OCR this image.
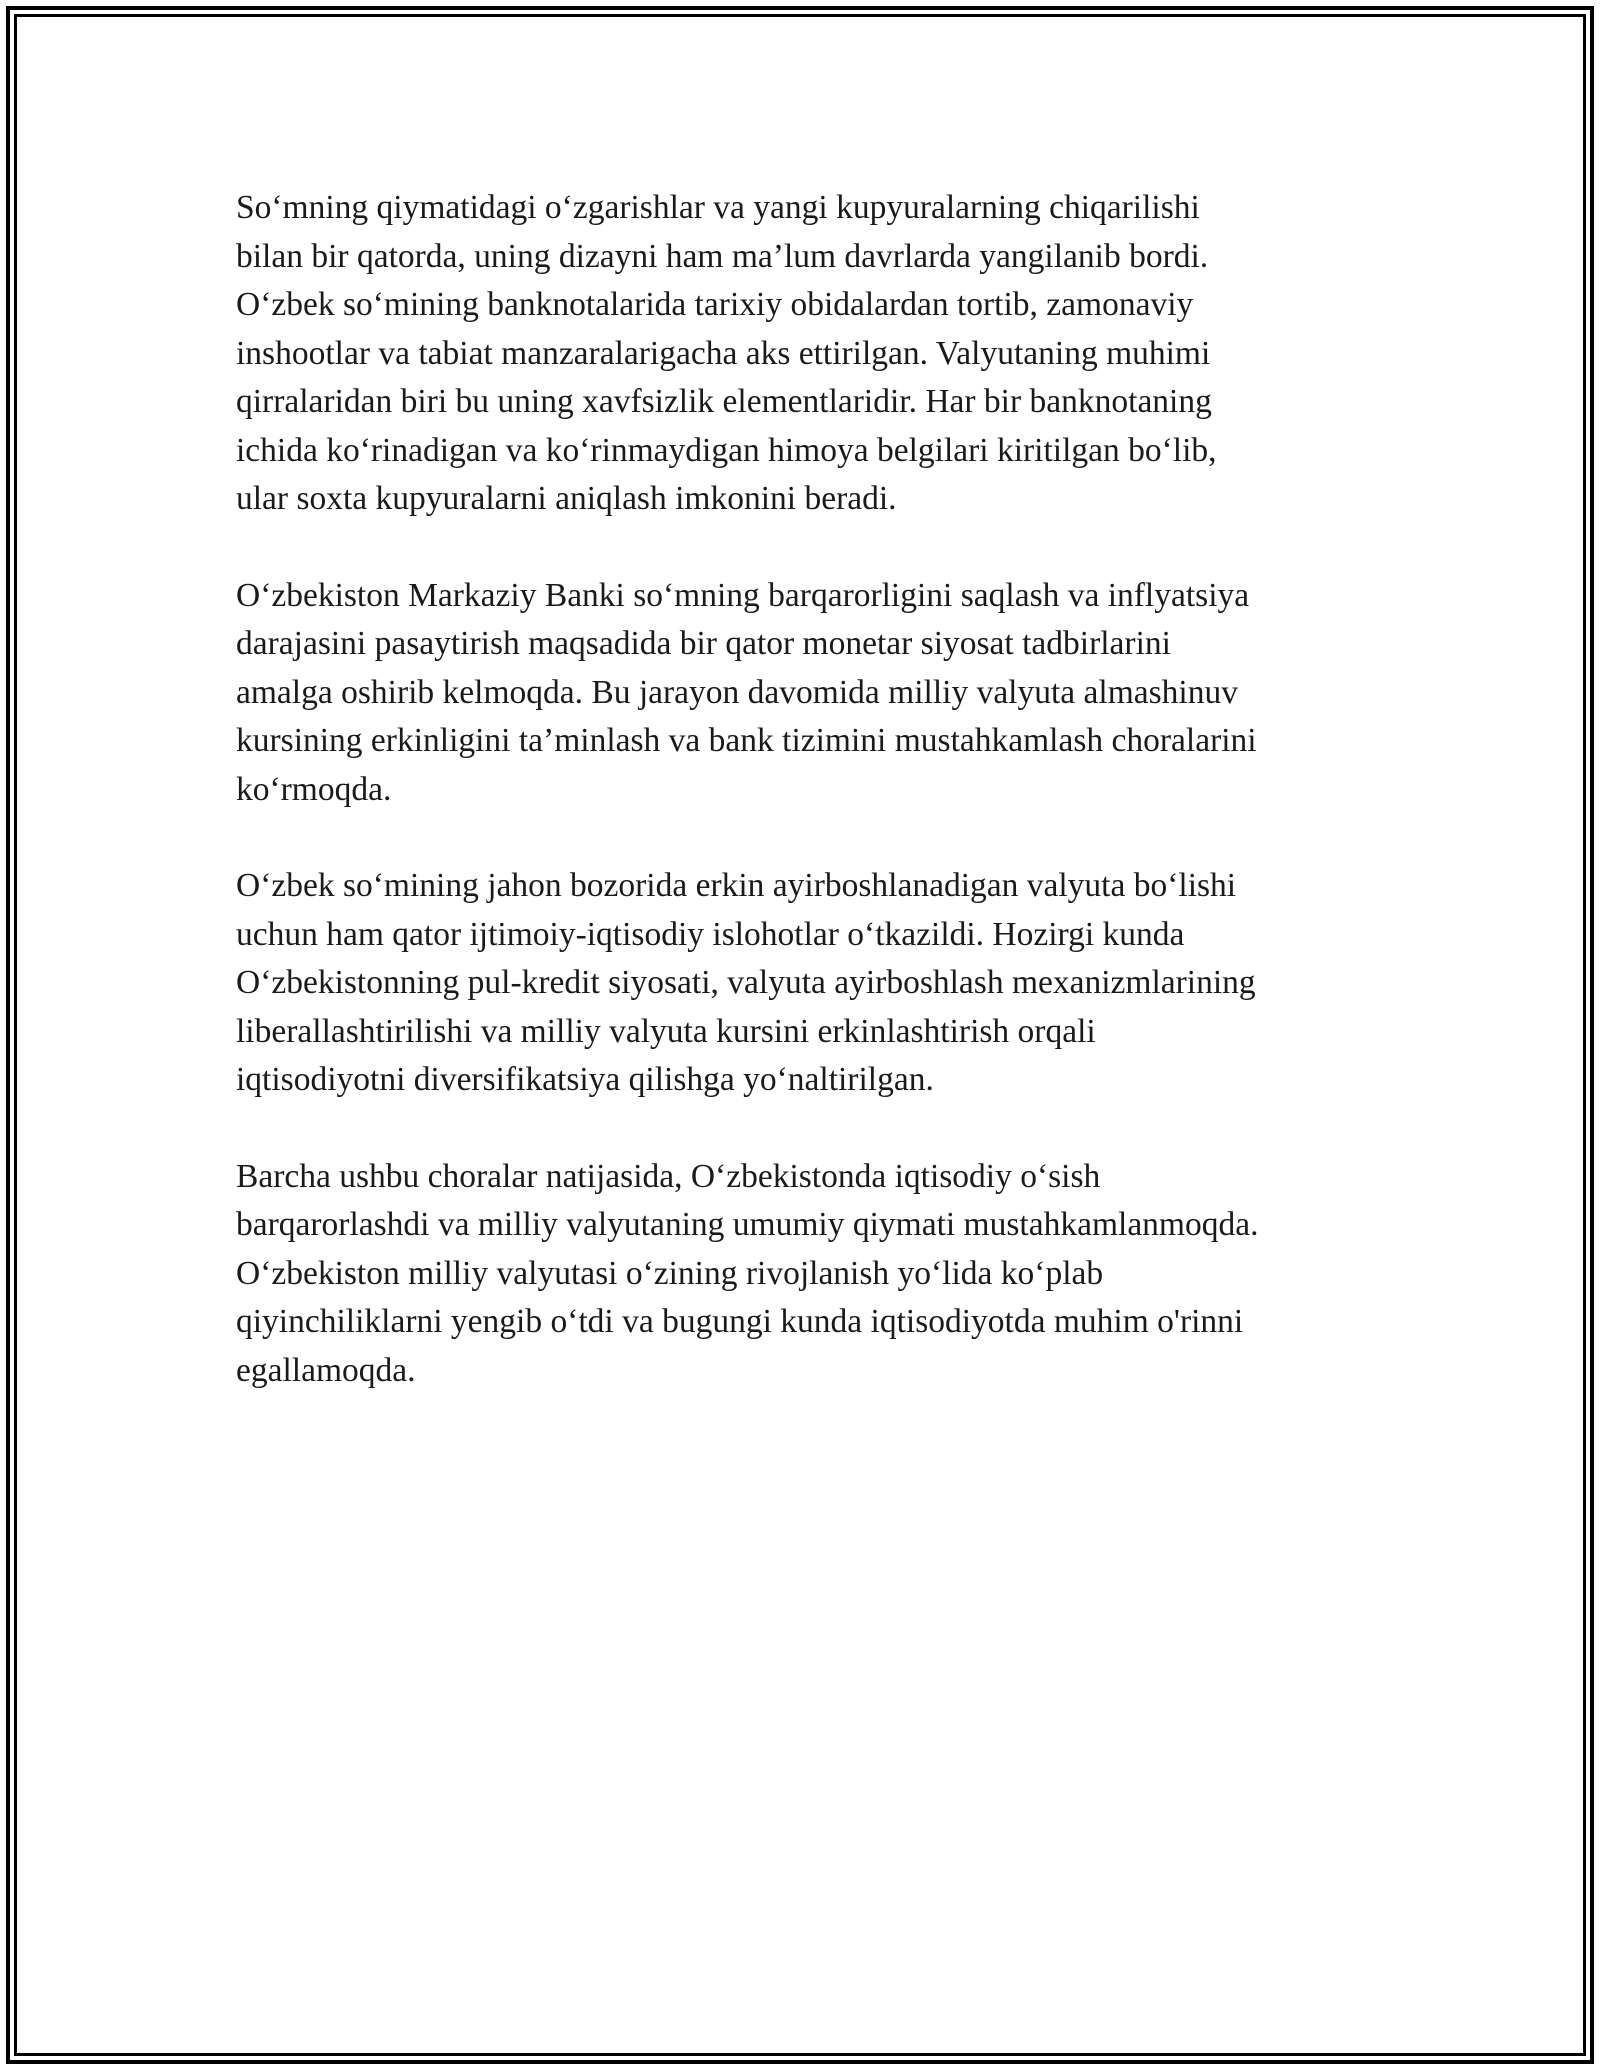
So‘mning qiymatidagi o‘zgarishlar va yangi kupyuralarning chiqarilishi
bilan bir qatorda, uning dizayni ham ma’lum davrlarda yangilanib bordi.
O‘zbek so‘mining banknotalarida tarixiy obidalardan tortib, zamonaviy
inshootlar va tabiat manzaralarigacha aks ettirilgan. Valyutaning muhimi
qirralaridan biri bu uning xavfsizlik elementlaridir. Har bir banknotaning
ichida ko‘rinadigan va ko‘rinmaydigan himoya belgilari kiritilgan bo‘lib,
ular soxta kupyuralarni aniqlash imkonini beradi.

O‘zbekiston Markaziy Banki so‘mning barqarorligini saqlash va inflyatsiya
darajasini pasaytirish maqsadida bir qator monetar siyosat tadbirlarini
amalga oshirib kelmoqda. Bu jarayon davomida milliy valyuta almashinuv
kursining erkinligini ta’minlash va bank tizimini mustahkamlash choralarini
ko‘rmoqda.

O‘zbek so‘mining jahon bozorida erkin ayirboshlanadigan valyuta bo‘lishi
uchun ham qator ijtimoiy-iqtisodiy islohotlar o‘tkazildi. Hozirgi kunda
O‘zbekistonning pul-kredit siyosati, valyuta ayirboshlash mexanizmlarining
liberallashtirilishi va milliy valyuta kursini erkinlashtirish orqali
iqtisodiyotni diversifikatsiya qilishga yo‘naltirilgan.

Barcha ushbu choralar natijasida, O‘zbekistonda iqtisodiy o‘sish
barqarorlashdi va milliy valyutaning umumiy qiymati mustahkamlanmoqda.
O‘zbekiston milliy valyutasi o‘zining rivojlanish yo‘lida ko‘plab
qiyinchiliklarni yengib o‘tdi va bugungi kunda iqtisodiyotda muhim o'rinni
egallamoqda.
